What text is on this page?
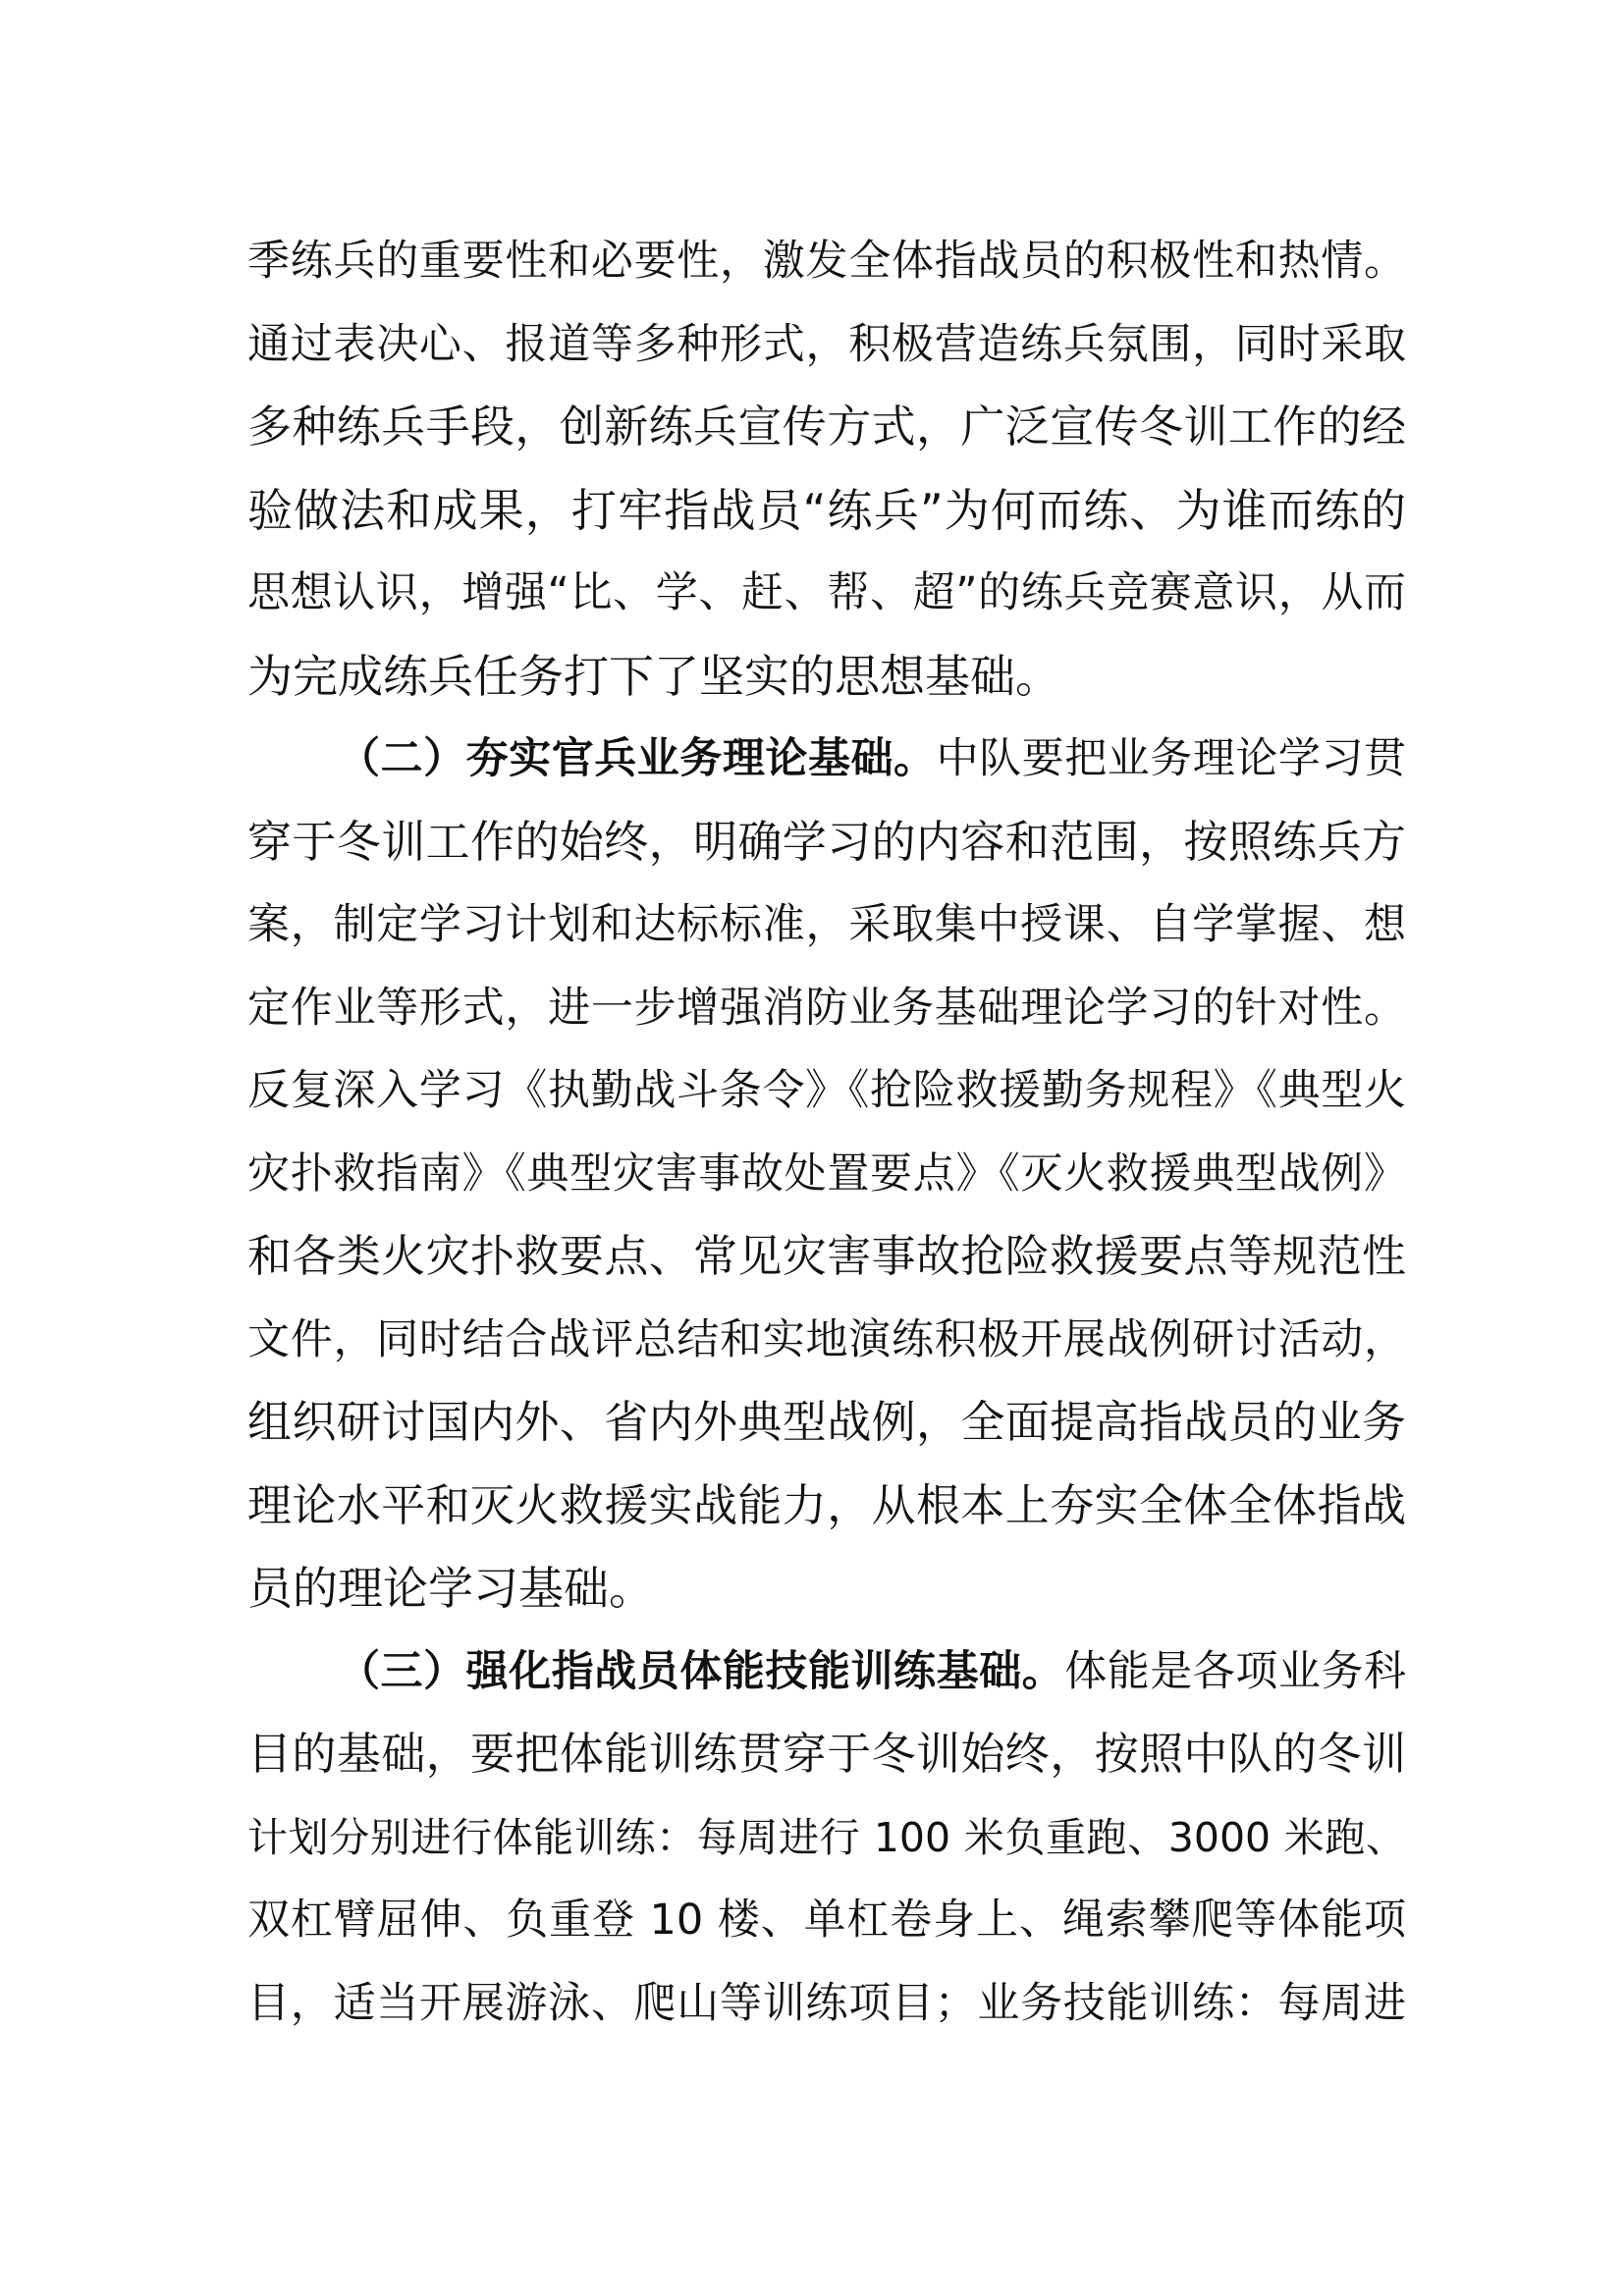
季练兵的重要性和必要性，激发全体指战员的积极性和热情。
通过表决心、报道等多种形式，积极营造练兵氛围，同时采取
多种练兵手段，创新练兵宣传方式，广泛宣传冬训工作的经
验做法和成果，打牢指战员“练兵”为何而练、为谁而练的
思想认识，增强“比、学、赶、帮、超”的练兵竞赛意识，从而
为完成练兵任务打下了坚实的思想基础。
（二）夯实官兵业务理论基础。中队要把业务理论学习贯
穿于冬训工作的始终，明确学习的内容和范围，按照练兵方
案，制定学习计划和达标标准，采取集中授课、自学掌握、想
定作业等形式，进一步增强消防业务基础理论学习的针对性。
反复深入学习《执勤战斗条令》《抢险救援勤务规程》《典型火
灾扑救指南》《典型灾害事故处置要点》《灭火救援典型战例》
和各类火灾扑救要点、常见灾害事故抢险救援要点等规范性
文件，同时结合战评总结和实地演练积极开展战例研讨活动，
组织研讨国内外、省内外典型战例，全面提高指战员的业务
理论水平和灭火救援实战能力，从根本上夯实全体全体指战
员的理论学习基础。
（三）强化指战员体能技能训练基础。体能是各项业务科
目的基础，要把体能训练贯穿于冬训始终，按照中队的冬训
计划分别进行体能训练：每周进行 100 米负重跑、3000 米跑、
双杠臂屈伸、负重登 10 楼、单杠卷身上、绳索攀爬等体能项
目，适当开展游泳、爬山等训练项目；业务技能训练：每周进
